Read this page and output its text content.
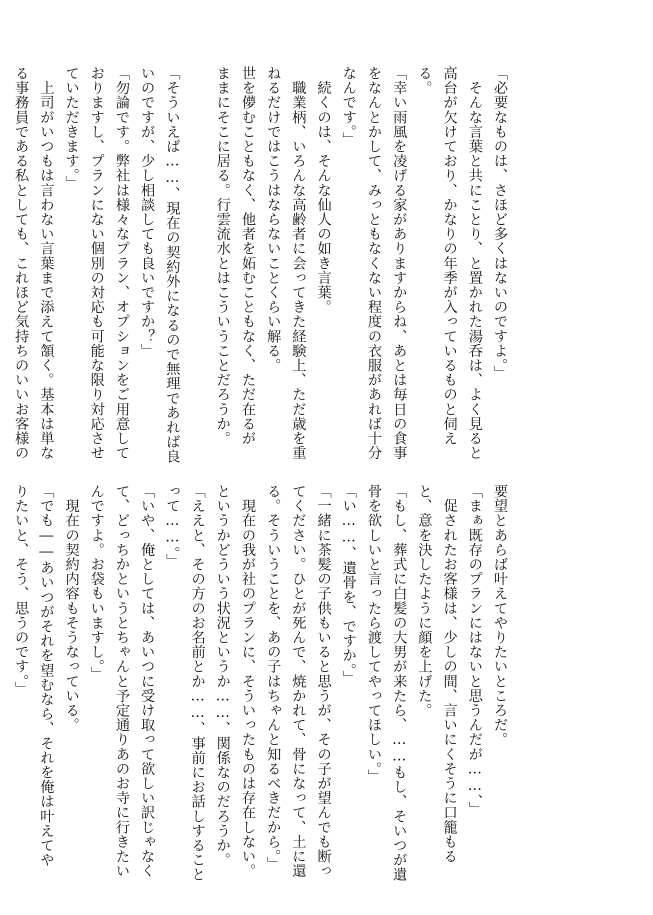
「必要なものは、さほど多くはないのですよ。」

　そんな言葉と共にことり、と置かれた湯呑は、よく見ると

高台が欠けており、かなりの年季が入っているものと伺え

る。

「幸い雨風を凌げる家がありますからね、あとは毎日の食事

をなんとかして、みっともなくない程度の衣服があれば十分

なんです。」

　続くのは、そんな仙人の如き言葉。

　職業柄、いろんな高齢者に会ってきた経験上、ただ歳を重

ねるだけではこうはならないことくらい解る。

世を儚むこともなく、他者を妬むこともなく、ただ在るが

ままにそこに居る。行雲流水とはこういうことだろうか。

「そういえば……、現在の契約外になるので無理であれば良

いのですが、少し相談しても良いですか？」

「勿論です。弊社は様々なプラン、オプションをご用意して

おりますし、プランにない個別の対応も可能な限り対応させ

ていただきます。」

　上司がいつもは言わない言葉まで添えて頷く。基本は単な

る事務員である私としても、これほど気持ちのいいお客様の

要望とあらば叶えてやりたいところだ。

「まぁ既存のプランにはないと思うんだが……、」

　促されたお客様は、少しの間、言いにくそうに口籠もる

と、意を決したように顔を上げた。

「もし、葬式に白髪の大男が来たら、……もし、そいつが遺

骨を欲しいと言ったら渡してやってほしい。」

「い……、遺骨を、ですか。」

「一緒に茶髪の子供もいると思うが、その子が望んでも断っ

てください。ひとが死んで、焼かれて、骨になって、土に還

る。そういうことを、あの子はちゃんと知るべきだから。」

　現在の我が社のプランに、そういったものは存在しない。

というかどういう状況というか……、関係なのだろうか。

「ええと、その方のお名前とか……、事前にお話しすること

って……。」

「いや、俺としては、あいつに受け取って欲しい訳じゃなく

て、どっちかというとちゃんと予定通りあのお寺に行きたい

んですよ。お袋もいますし。」

　現在の契約内容もそうなっている。

「でも――あいつがそれを望むなら、それを俺は叶えてや

りたいと、そう、思うのです。」
